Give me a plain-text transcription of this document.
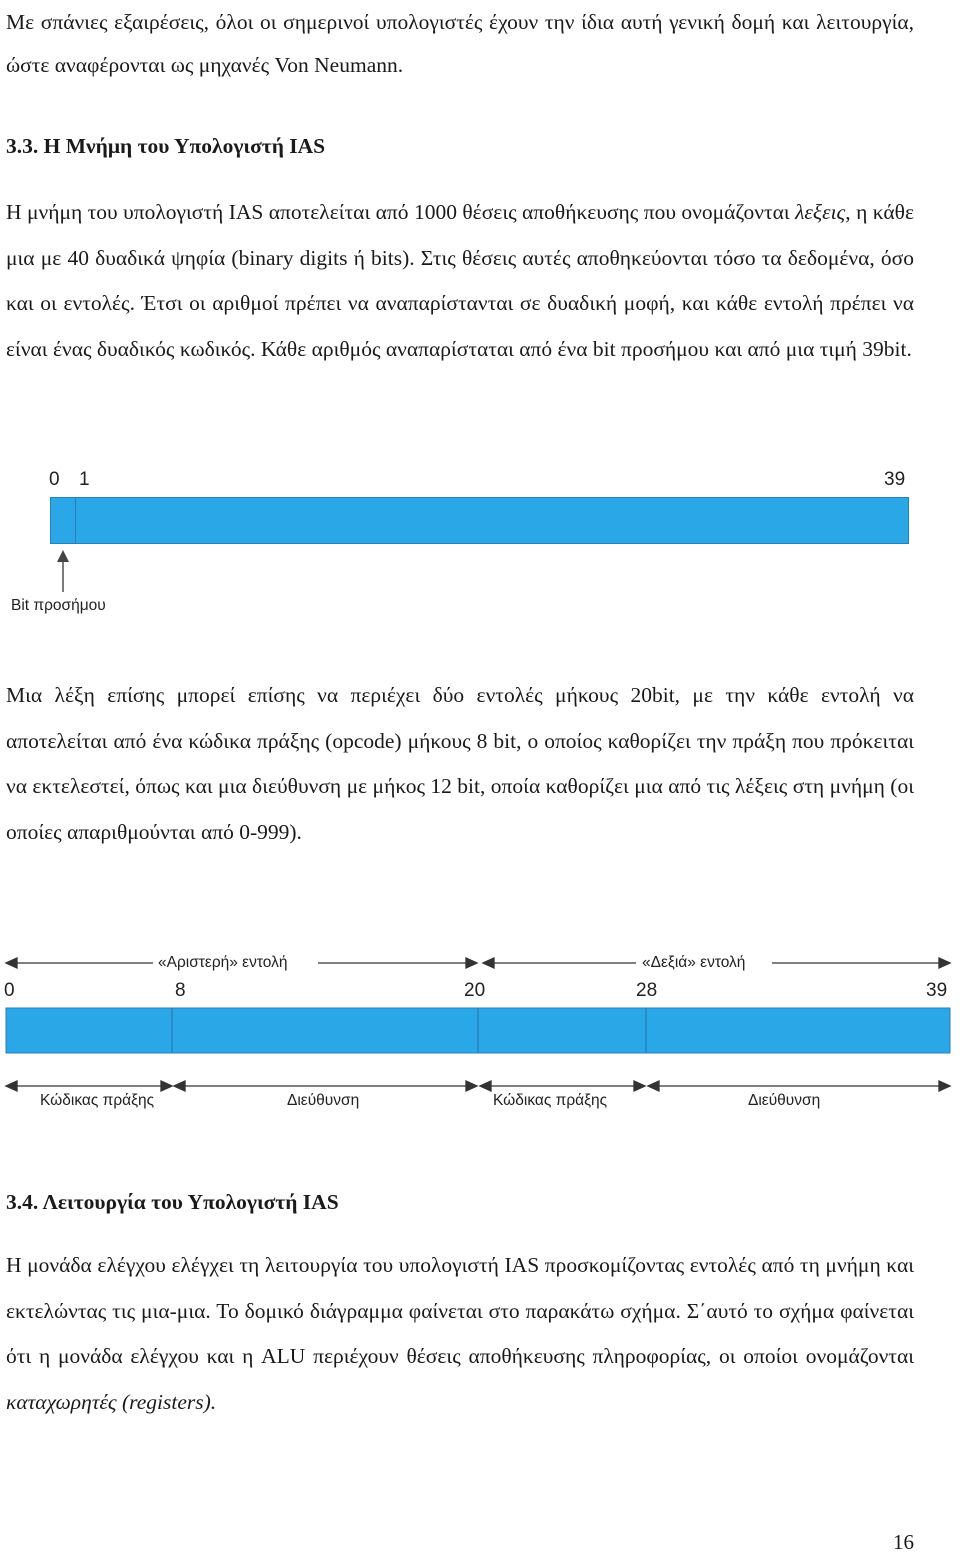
Με σπάνιες εξαιρέσεις, όλοι οι σημερινοί υπολογιστές έχουν την ίδια αυτή γενική δομή και λειτουργία, ώστε αναφέρονται ως μηχανές Von Neumann.

3.3. Η Μνήμη του Υπολογιστή IAS

Η μνήμη του υπολογιστή IAS αποτελείται από 1000 θέσεις αποθήκευσης που ονομάζονται λεξεις, η κάθε μια με 40 δυαδικά ψηφία (binary digits ή bits). Στις θέσεις αυτές αποθηκεύονται τόσο τα δεδομένα, όσο και οι εντολές. Έτσι οι αριθμοί πρέπει να αναπαρίστανται σε δυαδική μοφή, και κάθε εντολή πρέπει να είναι ένας δυαδικός κωδικός. Κάθε αριθμός αναπαρίσταται από ένα bit προσήμου και από μια τιμή 39bit.

0 1	39
Bit προσήμου

Μια λέξη επίσης μπορεί επίσης να περιέχει δύο εντολές μήκους 20bit, με την κάθε εντολή να αποτελείται από ένα κώδικα πράξης (opcode) μήκους 8 bit, ο οποίος καθορίζει την πράξη που πρόκειται να εκτελεστεί, όπως και μια διεύθυνση με μήκος 12 bit, οποία καθορίζει μια από τις λέξεις στη μνήμη (οι οποίες απαριθμούνται από 0-999).

«Αριστερή» εντολή	«Δεξιά» εντολή
0	8	20	28	39
Κώδικας πράξης	Διεύθυνση	Κώδικας πράξης	Διεύθυνση
3.4. Λειτουργία του Υπολογιστή IAS

Η μονάδα ελέγχου ελέγχει τη λειτουργία του υπολογιστή IAS προσκομίζοντας εντολές από τη μνήμη και εκτελώντας τις μια-μια. Το δομικό διάγραμμα φαίνεται στο παρακάτω σχήμα. Σ΄αυτό το σχήμα φαίνεται ότι η μονάδα ελέγχου και η ALU περιέχουν θέσεις αποθήκευσης πληροφορίας, οι οποίοι ονομάζονται καταχωρητές (registers).

16
